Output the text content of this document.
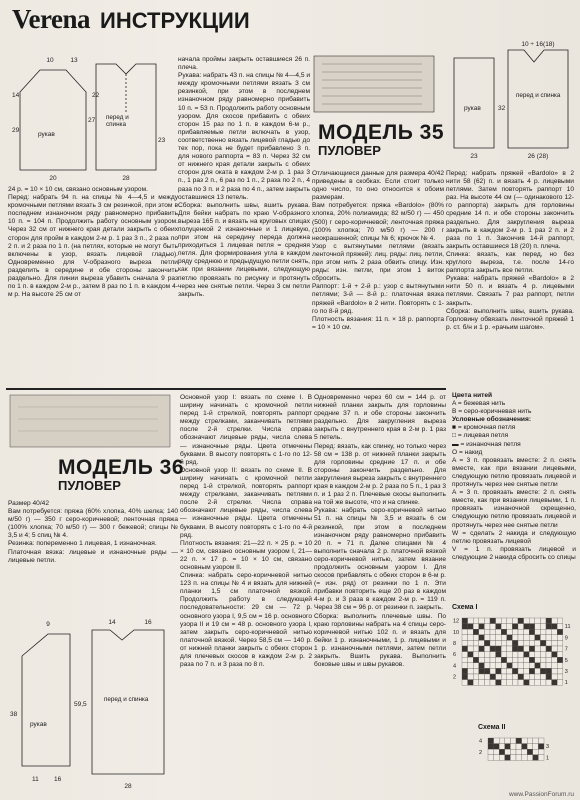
Verena ИНСТРУКЦИИ
10	13
14
29
27
22
23
28
20
рукав
перед и спинка

24 р. = 10 × 10 см, связано основным узором.
Перед: набрать 94 п. на спицы № 4—4,5 и между кромочными петлями вязать 3 см резинкой, при этом в последнем изнаночном ряду равномерно прибавить 10 п. = 104 п. Продолжить работу основным узором. Через 32 см от нижнего края детали закрыть с обеих сторон для пройм в каждом 2-м р. 1 раз 3 п., 2 раза по 2 п. и 2 раза по 1 п. (на петлях, которые не могут быть включены в узор, вязать лицевой гладью). Одновременно для V-образного выреза петли разделить в середине и обе стороны закончить раздельно. Для линии выреза убавить сначала 9 раз по 1 п. в каждом 2-м р., затем 8 раз по 1 п. в каждом 4-м р. На высоте 25 см от

начала проймы закрыть оставшиеся 26 п. плеча.
Рукава: набрать 43 п. на спицы № 4—4,5 и между кромочными петлями вязать 3 см резинкой, при этом в последнем изнаночном ряду равномерно прибавить 10 п. = 53 п. Продолжить работу основным узором. Для скосов прибавить с обеих сторон 15 раз по 1 п. в каждом 6-м р., прибавляемые петли включать в узор, соответственно вязать лицевой гладью до тех пор, пока не будет прибавлено 3 п. для нового раппорта = 83 п. Через 32 см от нижнего края детали закрыть с обеих сторон для оката в каждом 2-м р. 1 раз 3 п., 1 раз 2 п., 6 раз по 1 п., 2 раза по 2 п., 4 раза по 3 п. и 2 раза по 4 п., затем закрыть оставшиеся 13 петель.
Сборка: выполнить швы, вшить рукава. Для бейки набрать по краю V-образного выреза 165 п. и вязать на круговых спицах полуценкой 2 изнаночные и 1 лицевую, при этом на середину переда должна приходиться 1 лицевая петля = средняя петля. Для формирования угла в каждом ряду среднюю и предыдущую петли снять, как при вязании лицевыми, следующую петлю провязать по рисунку и протянуть через нее снятые петли. Через 3 см петли закрыть.

МОДЕЛЬ 35
ПУЛОВЕР
10 ÷ 16(18)
32
23	26 (28)
рукав
перед и спинка

Отличающиеся данные для размера 40/42 приведены в скобках. Если стоит только одно число, то оно относится к обоим размерам.
Вам потребуется: пряжа «Bardolo» (80% хлопка, 20% полиамида; 82 м/50 г) — 450 (500) г серо-коричневой; ленточная пряжа (100% хлопка; 70 м/50 г) — 200 г неокрашенной; спицы № 6; крючок № 4.
Узор с вытянутыми петлями (вязать ленточной пряжей): лиц. ряды: лиц. петли, при этом нить 2 раза обвить спицу. Изн. ряды: изн. петли, при этом 1 виток сбросить.
Раппорт: 1-й + 2-й р.: узор с вытянутыми петлями; 3-й — 8-й р.: платочная вязка пряжей «Bardolo» в 2 нити. Повторять с 1-го по 8-й ряд.
Плотность вязания: 11 п. × 18 р. раппорта = 10 × 10 см.

Перед: набрать пряжей «Bardolo» в 2 нити 58 (62) п. и вязать 4 р. лицевыми петлями. Затем повторять раппорт 10 раз. На высоте 44 см (— одинакового 12-го раппорта) закрыть для горловины средние 14 п. и обе стороны закончить раздельно. Для закругления выреза закрыть в каждом 2-м р. 1 раз 2 п. и 2 раза по 1 п. Закончив 14-й раппорт, закрыть оставшиеся 18 (20) п. плеча.
Спинка: вязать, как перед, но без круглого выреза, т.е. после 14-го раппорта закрыть все петли.
Рукава: набрать пряжей «Bardolo» в 2 нити 50 п. и вязать 4 р. лицевыми петлями. Связать 7 раз раппорт, петли закрыть.
Сборка: выполнить швы, вшить рукава. Горловину обвязать ленточной пряжей 1 р. ст. б/н и 1 р. «рачьим шагом».

МОДЕЛЬ 36
ПУЛОВЕР

Размер 40/42
Вам потребуется: пряжа (60% хлопка, 40% шелка; 140 м/50 г) — 350 г серо-коричневой; ленточная пряжа (100% хлопка; 70 м/50 г) — 300 г бежевой; спицы № 3,5 и 4; 5 спиц № 4.
Резинка: попеременно 1 лицевая, 1 изнаночная.
Платочная вязка: лицевые и изнаночные ряды — лицевые петли.

9	14	16
38
59,5
11 16
28
рукав
перед и спинка

Основной узор I: вязать по схеме I. В ширину начинать с кромочной петли перед 1-й стрелкой, повторять раппорт между стрелками, заканчивать петлями после 2-й стрелки. Числа справа обозначают лицевые ряды, числа слева — изнаночные ряды. Цвета отмечены буквами. В высоту повторять с 1-го по 12-й ряд.
Основной узор II: вязать по схеме II. В ширину начинать с кромочной петли перед 1-й стрелкой, повторять раппорт между стрелками, заканчивать петлями после 2-й стрелки. Числа справа обозначают лицевые ряды, числа слева — изнаночные ряды. Цвета отмечены буквами. В высоту повторять с 1-го по 4-й ряд.
Плотность вязания: 21—22 п. × 25 р. = 10 × 10 см, связано основным узором I, 21—22 п. × 17 р. = 10 × 10 см, связано основным узором II.
Спинка: набрать серо-коричневой нитью 123 п. на спицы № 4 и вязать для нижней планки 1,5 см платочной вязкой. Продолжить работу в следующей последовательности: 29 см — 72 р. основного узора I, 9,5 см = 16 р. основного узора II и 19 см = 48 р. основного узора I, затем закрыть серо-коричневой нитью платочной вязкой. Через 58,5 см — 140 р. от нижней планки закрыть с обеих сторон для плечевых скосов в каждом 2-м р. 2 раза по 7 п. и 3 раза по 8 п.

Одновременно через 60 см = 144 р. от нижней планки закрыть для горловины средние 37 п. и обе стороны закончить раздельно. Для закругления выреза закрыть с внутреннего края в 2-м р. 1 раз 5 петель.
Перед: вязать, как спинку, но только через 58 см = 138 р. от нижней планки закрыть для горловины средние 17 п. и обе стороны закончить раздельно. Для закругления выреза закрыть с внутреннего края в каждом 2-м р. 2 раза по 5 п., 1 раз 3 п. и 1 раз 2 п. Плечевые скосы выполнить на той же высоте, что и на спинке.
Рукава: набрать серо-коричневой нитью 51 п. на спицы № 3,5 и вязать 6 см резинкой, при этом в последнем изнаночном ряду равномерно прибавить 20 п. = 71 п. Далее спицами № 4 выполнить сначала 2 р. платочной вязкой серо-коричневой нитью, затем вязание продолжить основным узором I. Для скосов прибавлять с обеих сторон в 6-м р. (= изн. ряд) от резинки по 1 п. Эти прибавки повторить еще 20 раз в каждом 4-м р. и 3 раза в каждом 2-м р. = 119 п. Через 38 см = 96 р. от резинки п. закрыть.
Сборка: выполнить плечевые швы. По краю горловины набрать на 4 спицы серо-коричневой нитью 102 п. и вязать для бейки 1 р. изнаночными, 1 р. лицевыми и 1 р. изнаночными петлями, затем петли закрыть. Вшить рукава. Выполнить боковые швы и швы рукавов.

Цвета нитей

A = бежевая нить

B = серо-коричневая нить

Условные обозначения:

■ = кромочная петля

□ = лицевая петля

▬ = изнаночная петля

O = накид

A = 3 п. провязать вместе: 2 п. снять вместе, как при вязании лицевыми, следующую петлю провязать лицевой и протянуть через нее снятые петли

A = 3 п. провязать вместе: 2 п. снять вместе, как при вязании лицевыми, 1 п. провязать изнаночной скрещенно, следующую петлю провязать лицевой и протянуть через нее снятые петли

W = сделать 2 накида и следующую петлю провязать лицевой

V = 1 п. провязать лицевой и следующие 2 накида сбросить со спицы

Схема I
12
10
8
6
4
2
11
9
7
5
3
1
Схема II
4
2
3
1
www.PassionForum.ru
